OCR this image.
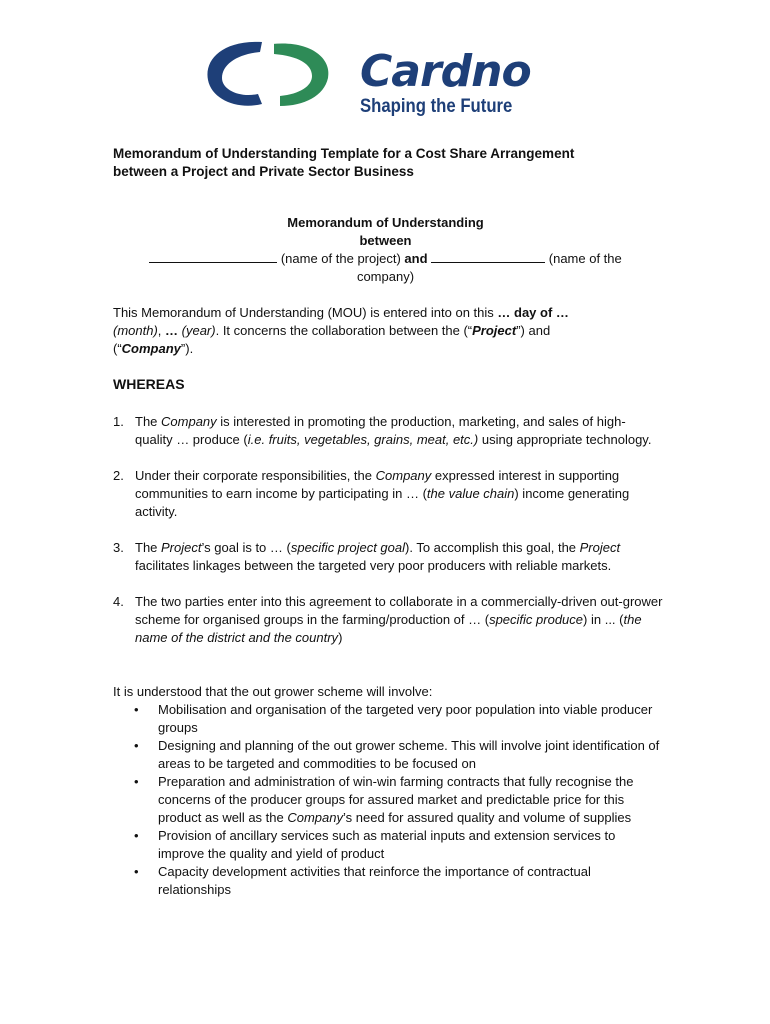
Cardno
Shaping the Future
Memorandum of Understanding Template for a Cost Share Arrangement
between a Project and Private Sector Business
Memorandum of Understanding
between
(name of the project) and	(name of the
company)
This Memorandum of Understanding (MOU) is entered into on this … day of …
(month), … (year). It concerns the collaboration between the (“Project”) and
(“Company”).
WHEREAS
1. The Company is interested in promoting the production, marketing, and sales of high-quality … produce (i.e. fruits, vegetables, grains, meat, etc.) using appropriate technology.
2. Under their corporate responsibilities, the Company expressed interest in supporting communities to earn income by participating in … (the value chain) income generating activity.
3. The Project’s goal is to … (specific project goal). To accomplish this goal, the Project facilitates linkages between the targeted very poor producers with reliable markets.
4. The two parties enter into this agreement to collaborate in a commercially-driven out-grower scheme for organised groups in the farming/production of … (specific produce) in ... (the name of the district and the country)
It is understood that the out grower scheme will involve:
• Mobilisation and organisation of the targeted very poor population into viable producer groups
• Designing and planning of the out grower scheme. This will involve joint identification of areas to be targeted and commodities to be focused on
• Preparation and administration of win-win farming contracts that fully recognise the concerns of the producer groups for assured market and predictable price for this product as well as the Company’s need for assured quality and volume of supplies
• Provision of ancillary services such as material inputs and extension services to improve the quality and yield of product
• Capacity development activities that reinforce the importance of contractual relationships
